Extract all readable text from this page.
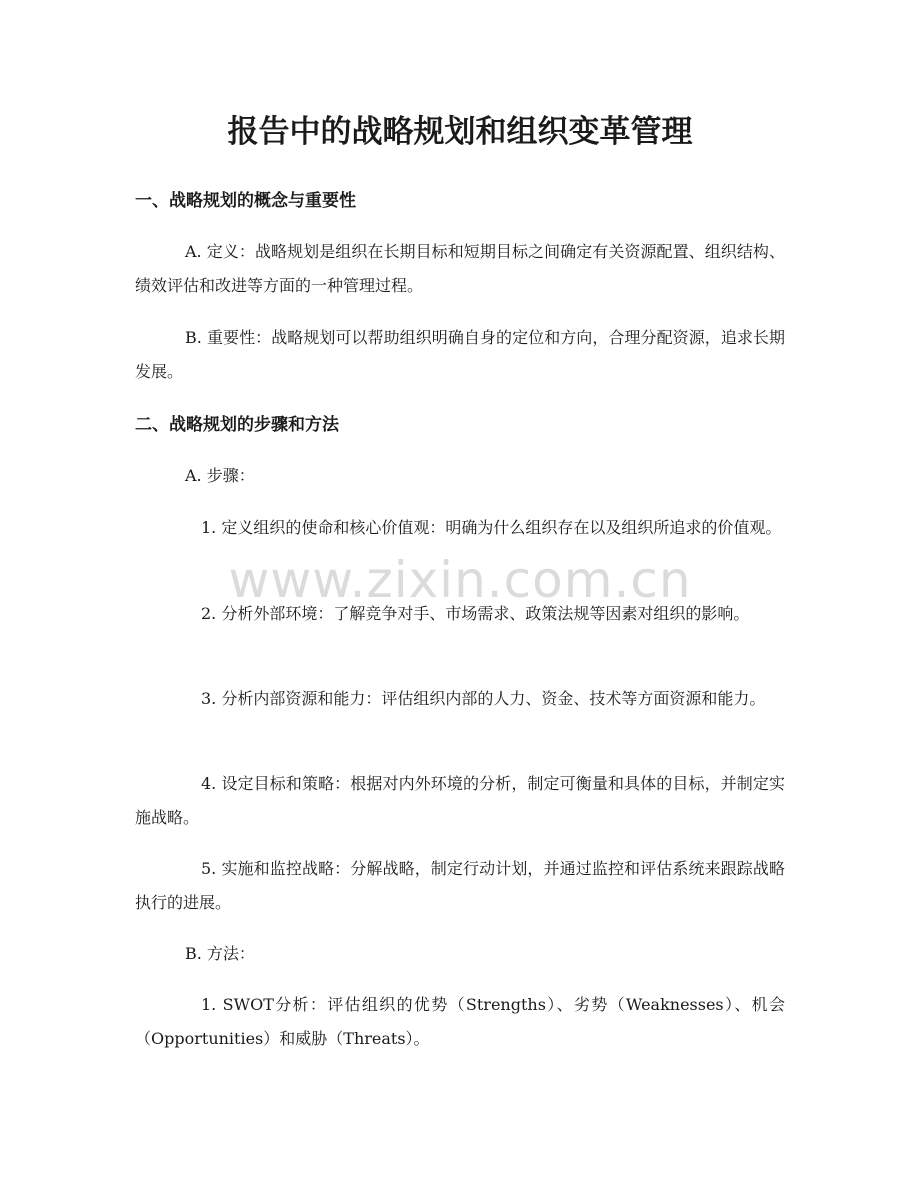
报告中的战略规划和组织变革管理
一、战略规划的概念与重要性

A. 定义：战略规划是组织在长期目标和短期目标之间确定有关资源配置、组织结构、绩效评估和改进等方面的一种管理过程。

B. 重要性：战略规划可以帮助组织明确自身的定位和方向，合理分配资源，追求长期发展。

二、战略规划的步骤和方法

A. 步骤：

1. 定义组织的使命和核心价值观：明确为什么组织存在以及组织所追求的价值观。

2. 分析外部环境：了解竞争对手、市场需求、政策法规等因素对组织的影响。

3. 分析内部资源和能力：评估组织内部的人力、资金、技术等方面资源和能力。

4. 设定目标和策略：根据对内外环境的分析，制定可衡量和具体的目标，并制定实施战略。

5. 实施和监控战略：分解战略，制定行动计划，并通过监控和评估系统来跟踪战略执行的进展。

B. 方法：

1. SWOT分析：评估组织的优势（Strengths）、劣势（Weaknesses）、机会（Opportunities）和威胁（Threats）。

www.zixin.com.cn
